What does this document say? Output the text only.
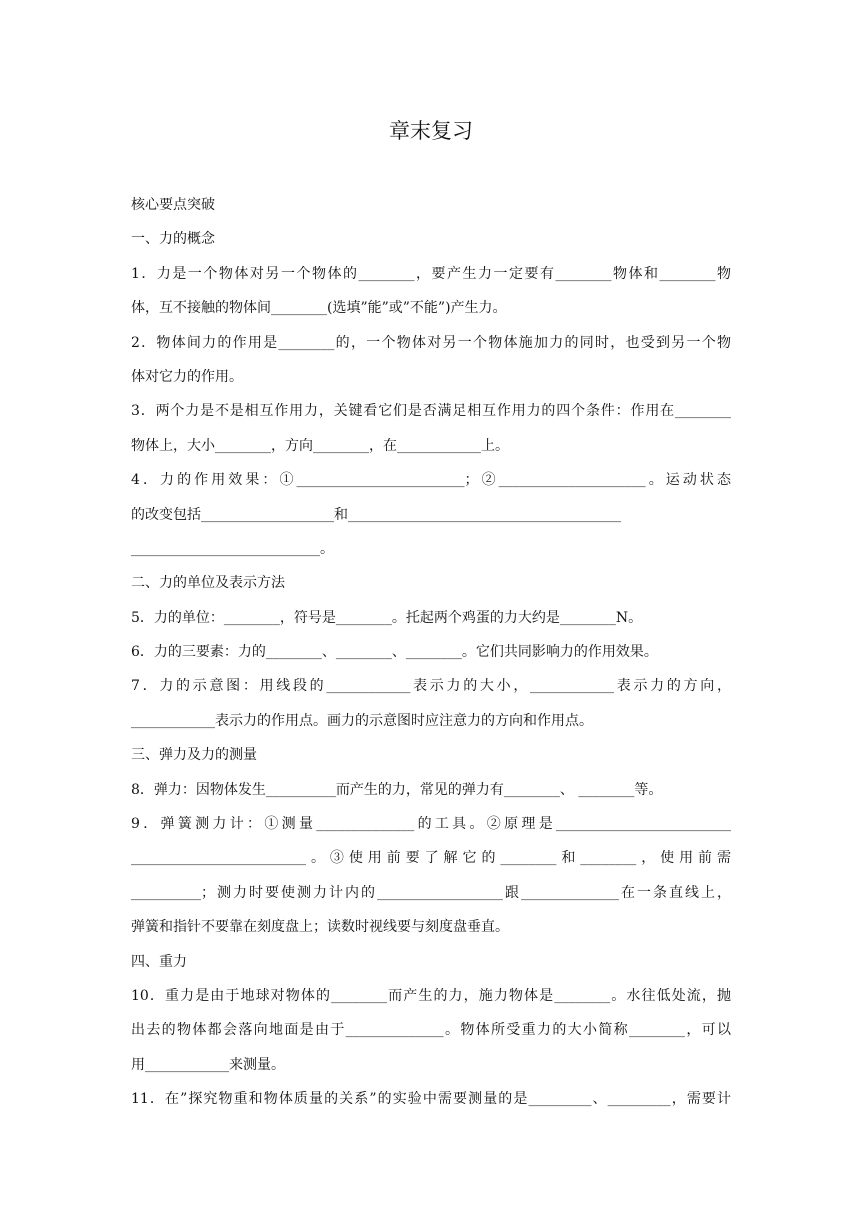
章末复习
核心要点突破
一、力的概念
1．力是一个物体对另一个物体的________，要产生力一定要有________物体和________物
体，互不接触的物体间________(选填”能”或”不能”)产生力。
2．物体间力的作用是________的，一个物体对另一个物体施加力的同时，也受到另一个物
体对它力的作用。
3．两个力是不是相互作用力，关键看它们是否满足相互作用力的四个条件：作用在________
物体上，大小________，方向________，在____________上。
4．力的作用效果：①________________________；②_____________________。运动状态
的改变包括___________________和_______________________________________
___________________________。
二、力的单位及表示方法
5．力的单位：________，符号是________。托起两个鸡蛋的力大约是________N。
6．力的三要素：力的________、________、________。它们共同影响力的作用效果。
7．力的示意图：用线段的____________表示力的大小，____________表示力的方向，
____________表示力的作用点。画力的示意图时应注意力的方向和作用点。
三、弹力及力的测量
8．弹力：因物体发生__________而产生的力，常见的弹力有________、 ________等。
9．弹簧测力计：①测量______________的工具。②原理是_________________________
_________________________。③使用前要了解它的________和________，使用前需
__________；测力时要使测力计内的__________________跟______________在一条直线上，
弹簧和指针不要靠在刻度盘上；读数时视线要与刻度盘垂直。
四、重力
10．重力是由于地球对物体的________而产生的力，施力物体是________。水往低处流，抛
出去的物体都会落向地面是由于______________。物体所受重力的大小简称________，可以
用____________来测量。
11．在”探究物重和物体质量的关系”的实验中需要测量的是_________、_________，需要计
